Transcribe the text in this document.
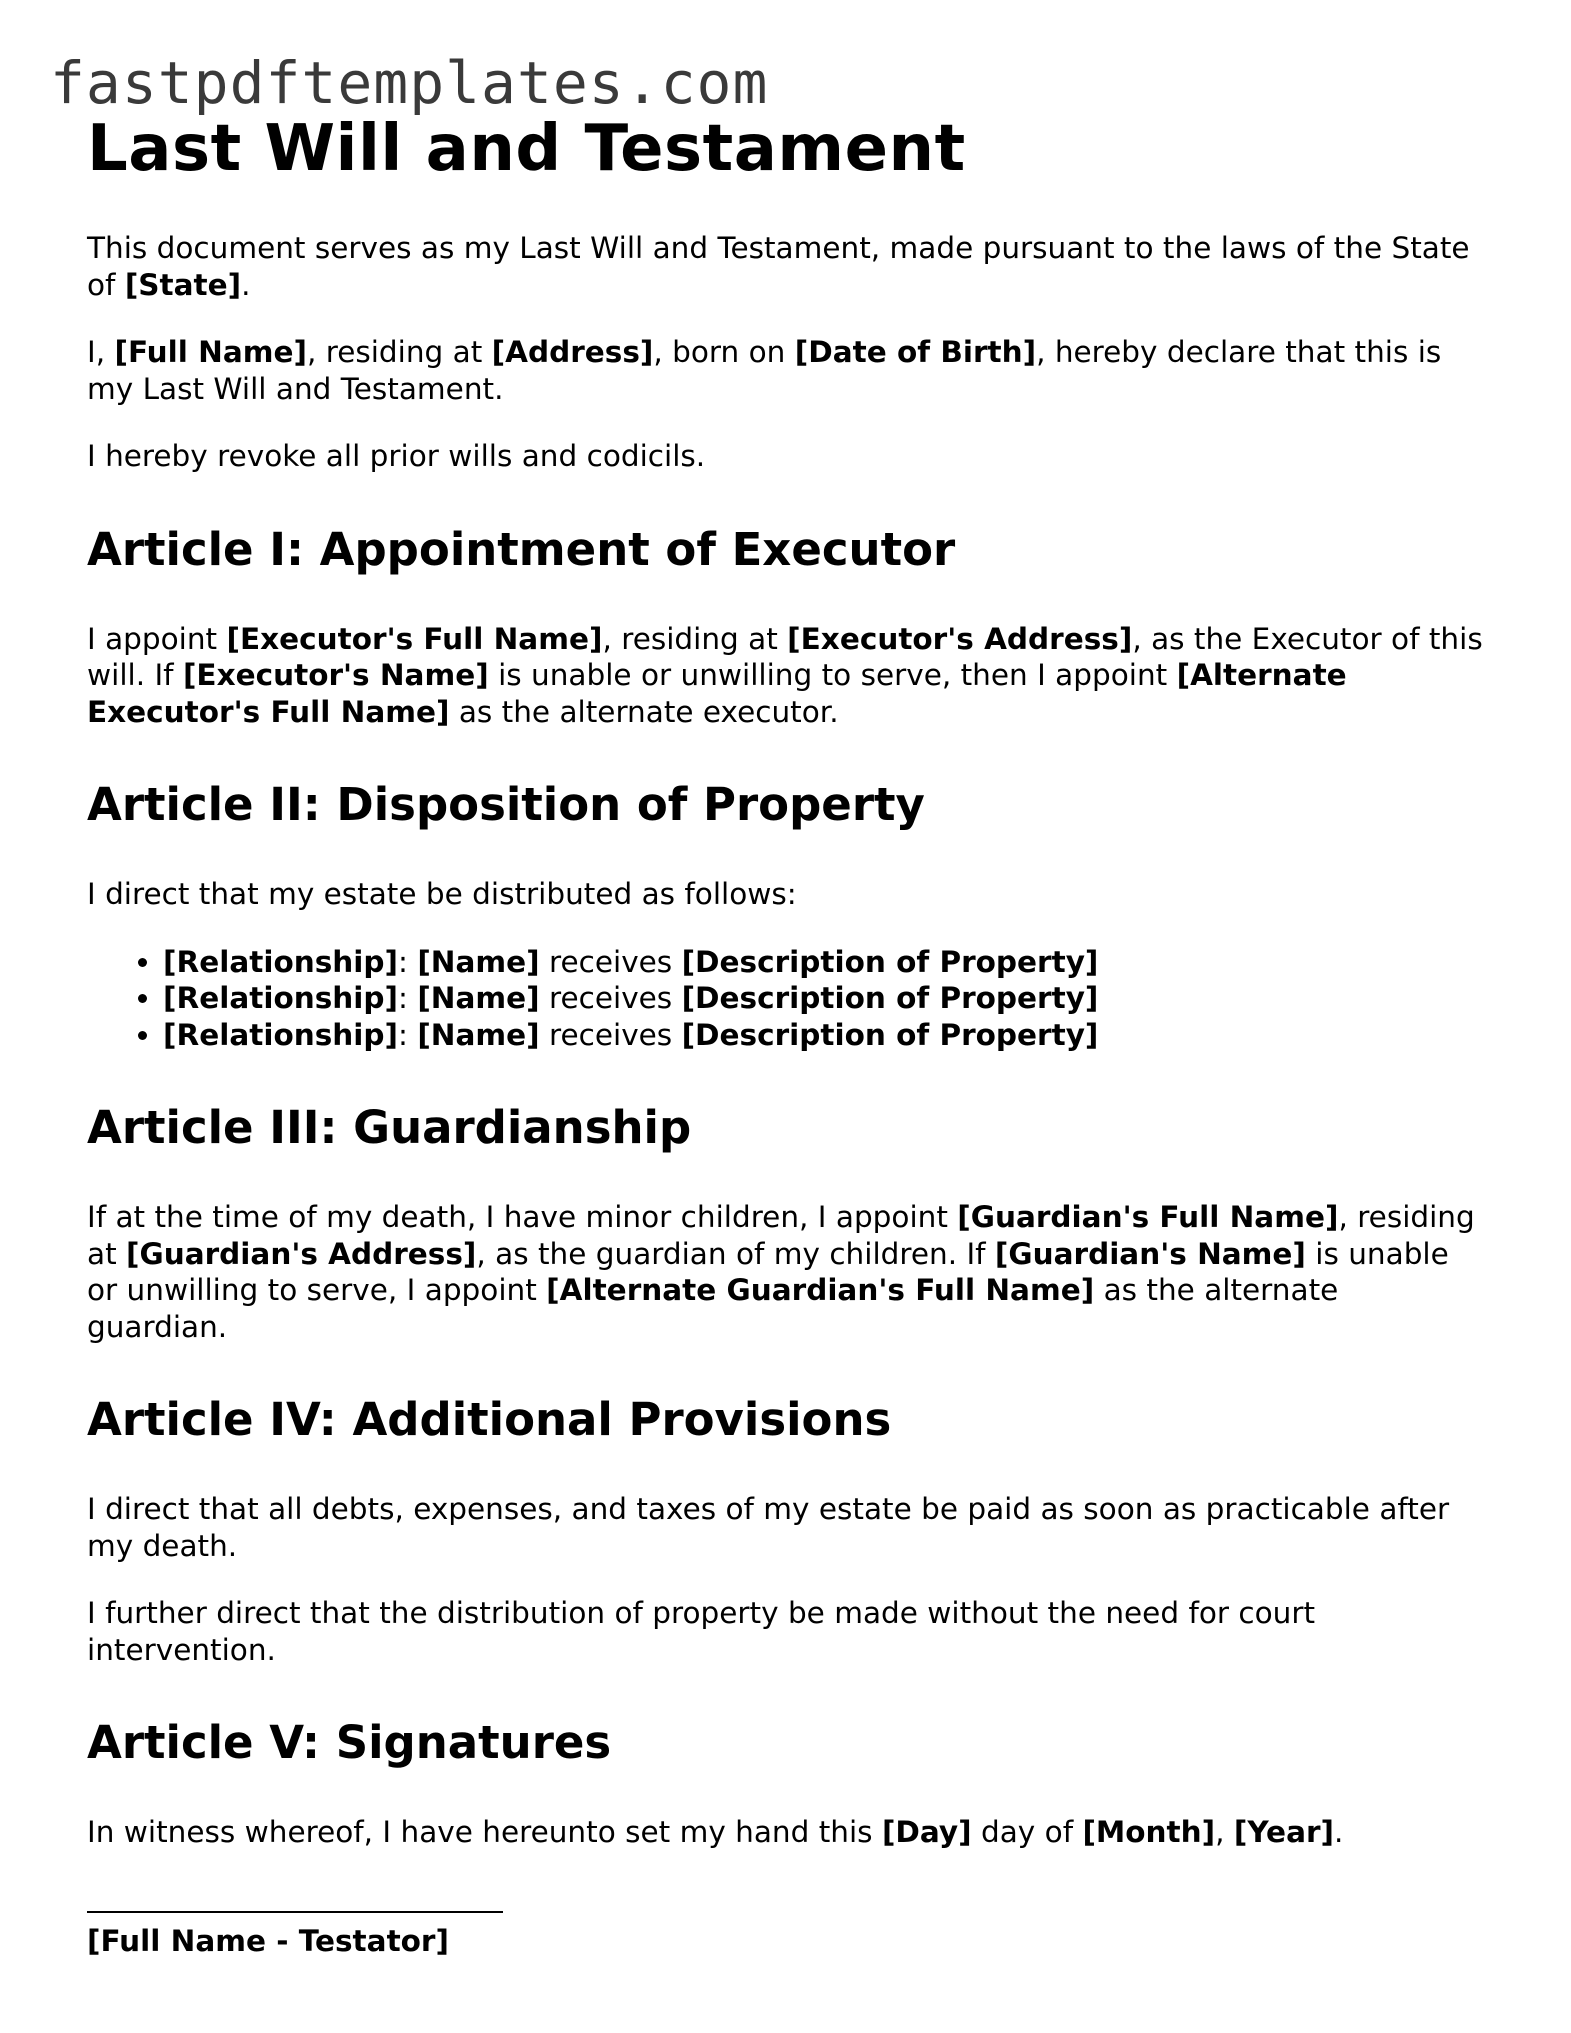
fastpdftemplates.com
Last Will and Testament

This document serves as my Last Will and Testament, made pursuant to the laws of the State of [State].

I, [Full Name], residing at [Address], born on [Date of Birth], hereby declare that this is my Last Will and Testament.

I hereby revoke all prior wills and codicils.

Article I: Appointment of Executor

I appoint [Executor's Full Name], residing at [Executor's Address], as the Executor of this will. If [Executor's Name] is unable or unwilling to serve, then I appoint [Alternate Executor's Full Name] as the alternate executor.

Article II: Disposition of Property

I direct that my estate be distributed as follows:

• [Relationship]: [Name] receives [Description of Property]
• [Relationship]: [Name] receives [Description of Property]
• [Relationship]: [Name] receives [Description of Property]
Article III: Guardianship

If at the time of my death, I have minor children, I appoint [Guardian's Full Name], residing at [Guardian's Address], as the guardian of my children. If [Guardian's Name] is unable or unwilling to serve, I appoint [Alternate Guardian's Full Name] as the alternate guardian.

Article IV: Additional Provisions

I direct that all debts, expenses, and taxes of my estate be paid as soon as practicable after my death.

I further direct that the distribution of property be made without the need for court intervention.

Article V: Signatures

In witness whereof, I have hereunto set my hand this [Day] day of [Month], [Year].

[Full Name - Testator]
